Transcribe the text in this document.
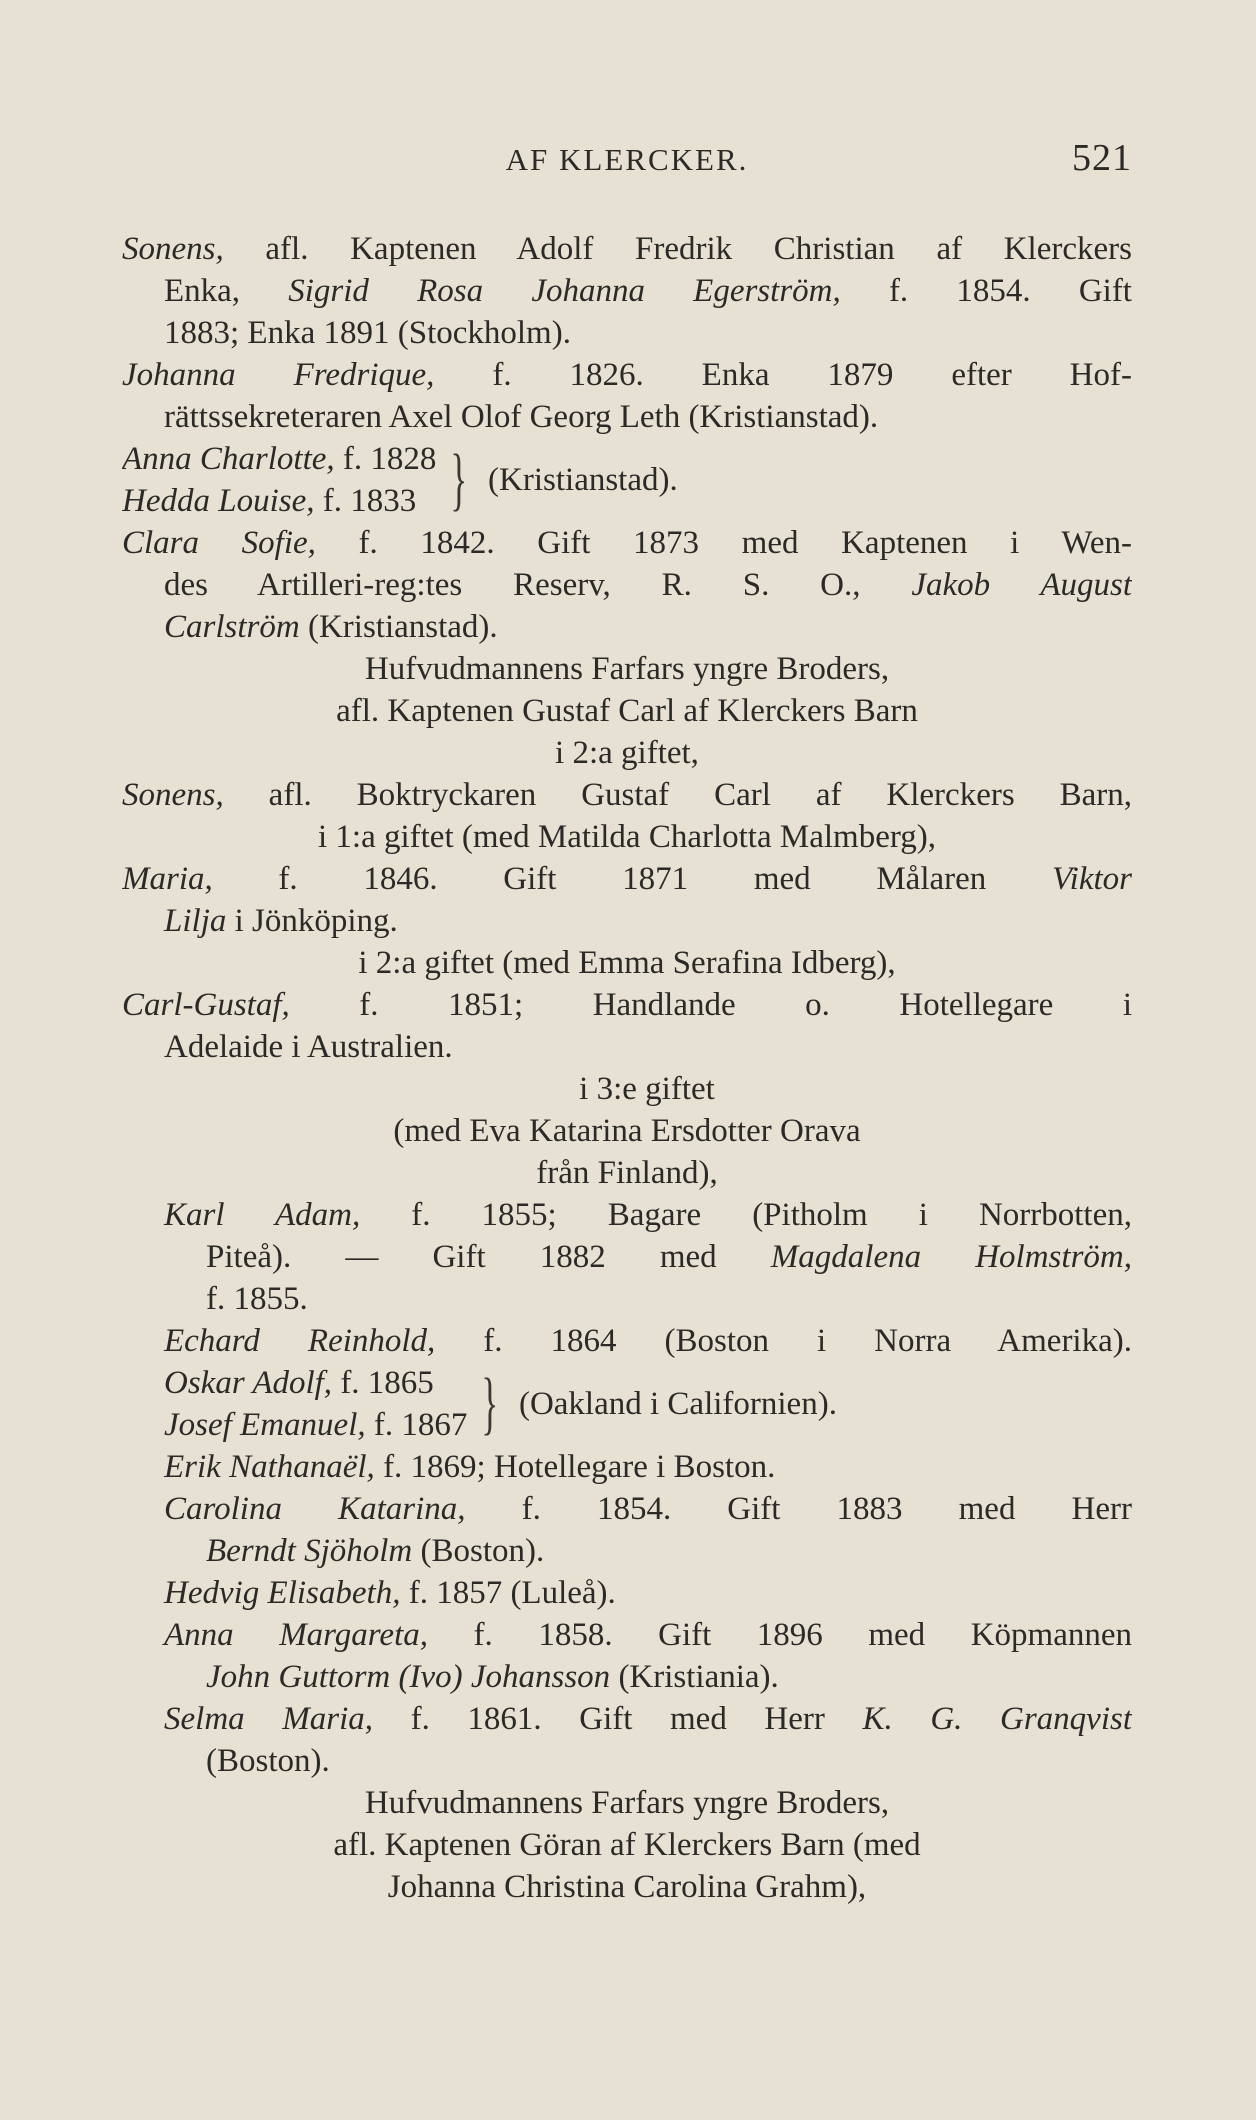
AF KLERCKER.	521
Sonens, afl. Kaptenen Adolf Fredrik Christian af Klerckers
Enka, Sigrid Rosa Johanna Egerström, f. 1854. Gift
1883; Enka 1891 (Stockholm).
Johanna Fredrique, f. 1826. Enka 1879 efter Hof-
rättssekreteraren Axel Olof Georg Leth (Kristianstad).
Anna Charlotte, f. 1828
Hedda Louise, f. 1833 } (Kristianstad).
Clara Sofie, f. 1842. Gift 1873 med Kaptenen i Wen-
des Artilleri-reg:tes Reserv, R. S. O., Jakob August
Carlström (Kristianstad).
Hufvudmannens Farfars yngre Broders,
afl. Kaptenen Gustaf Carl af Klerckers Barn
i 2:a giftet,
Sonens, afl. Boktryckaren Gustaf Carl af Klerckers Barn,
i 1:a giftet (med Matilda Charlotta Malmberg),
Maria, f. 1846. Gift 1871 med Målaren Viktor
Lilja i Jönköping.
i 2:a giftet (med Emma Serafina Idberg),
Carl-Gustaf, f. 1851; Handlande o. Hotellegare i
Adelaide i Australien.
i 3:e giftet
(med Eva Katarina Ersdotter Orava
från Finland),
Karl Adam, f. 1855; Bagare (Pitholm i Norrbotten,
Piteå). — Gift 1882 med Magdalena Holmström,
f. 1855.
Echard Reinhold, f. 1864 (Boston i Norra Amerika).
Oskar Adolf, f. 1865
Josef Emanuel, f. 1867 } (Oakland i Californien).
Erik Nathanaël, f. 1869; Hotellegare i Boston.
Carolina Katarina, f. 1854. Gift 1883 med Herr
Berndt Sjöholm (Boston).
Hedvig Elisabeth, f. 1857 (Luleå).
Anna Margareta, f. 1858. Gift 1896 med Köpmannen
John Guttorm (Ivo) Johansson (Kristiania).
Selma Maria, f. 1861. Gift med Herr K. G. Granqvist
(Boston).
Hufvudmannens Farfars yngre Broders,
afl. Kaptenen Göran af Klerckers Barn (med
Johanna Christina Carolina Grahm),
